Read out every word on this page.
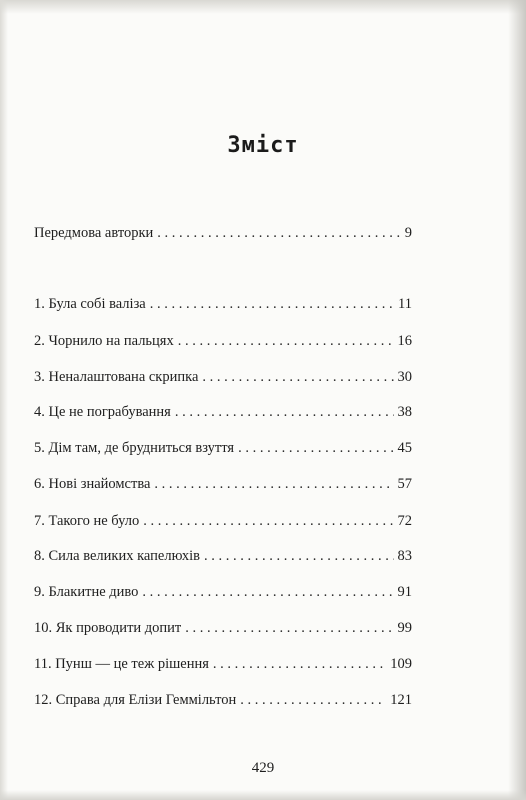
Зміст
Передмова авторки . . .	9
1. Була собі валіза . . .	11
2. Чорнило на пальцях . . .	16
3. Неналаштована скрипка . . .	30
4. Це не пограбування . . .	38
5. Дім там, де брудниться взуття . . .	45
6. Нові знайомства . . .	57
7. Такого не було . . .	72
8. Сила великих капелюхів . . .	83
9. Блакитне диво . . .	91
10. Як проводити допит . . .	99
11. Пунш — це теж рішення . . .	109
12. Справа для Елізи Геммільтон . . .	121
429
